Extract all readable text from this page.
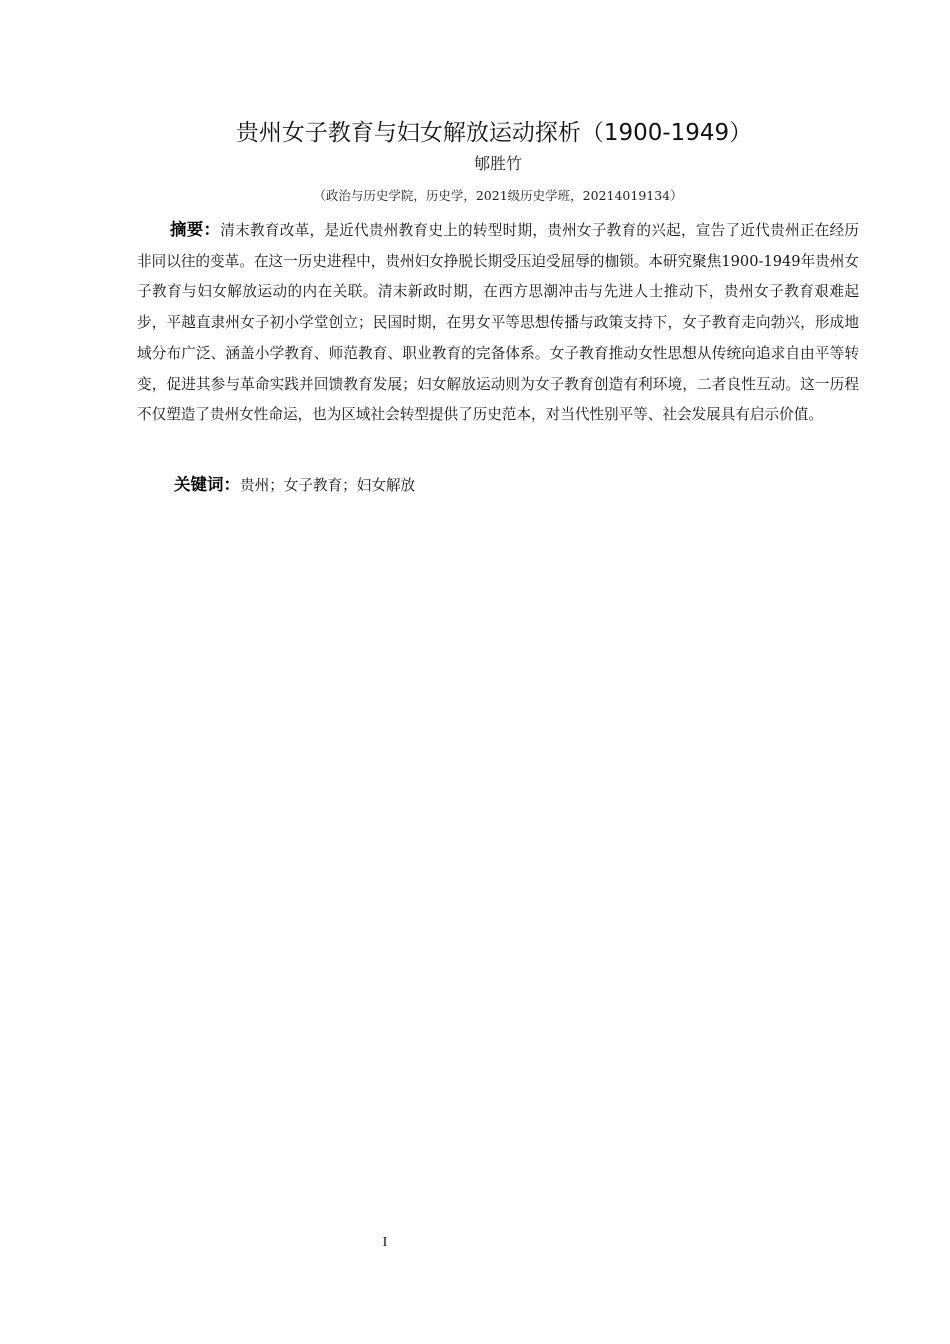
贵州女子教育与妇女解放运动探析（1900-1949）
郇胜竹
（政治与历史学院，历史学，2021级历史学班，20214019134）
摘要：清末教育改革，是近代贵州教育史上的转型时期，贵州女子教育的兴起，宣告了近代贵州正在经历非同以往的变革。在这一历史进程中，贵州妇女挣脱长期受压迫受屈辱的枷锁。本研究聚焦1900-1949年贵州女子教育与妇女解放运动的内在关联。清末新政时期，在西方思潮冲击与先进人士推动下，贵州女子教育艰难起步，平越直隶州女子初小学堂创立；民国时期，在男女平等思想传播与政策支持下，女子教育走向勃兴，形成地域分布广泛、涵盖小学教育、师范教育、职业教育的完备体系。女子教育推动女性思想从传统向追求自由平等转变，促进其参与革命实践并回馈教育发展；妇女解放运动则为女子教育创造有利环境，二者良性互动。这一历程不仅塑造了贵州女性命运，也为区域社会转型提供了历史范本，对当代性别平等、社会发展具有启示价值。
关键词：贵州；女子教育；妇女解放
I
